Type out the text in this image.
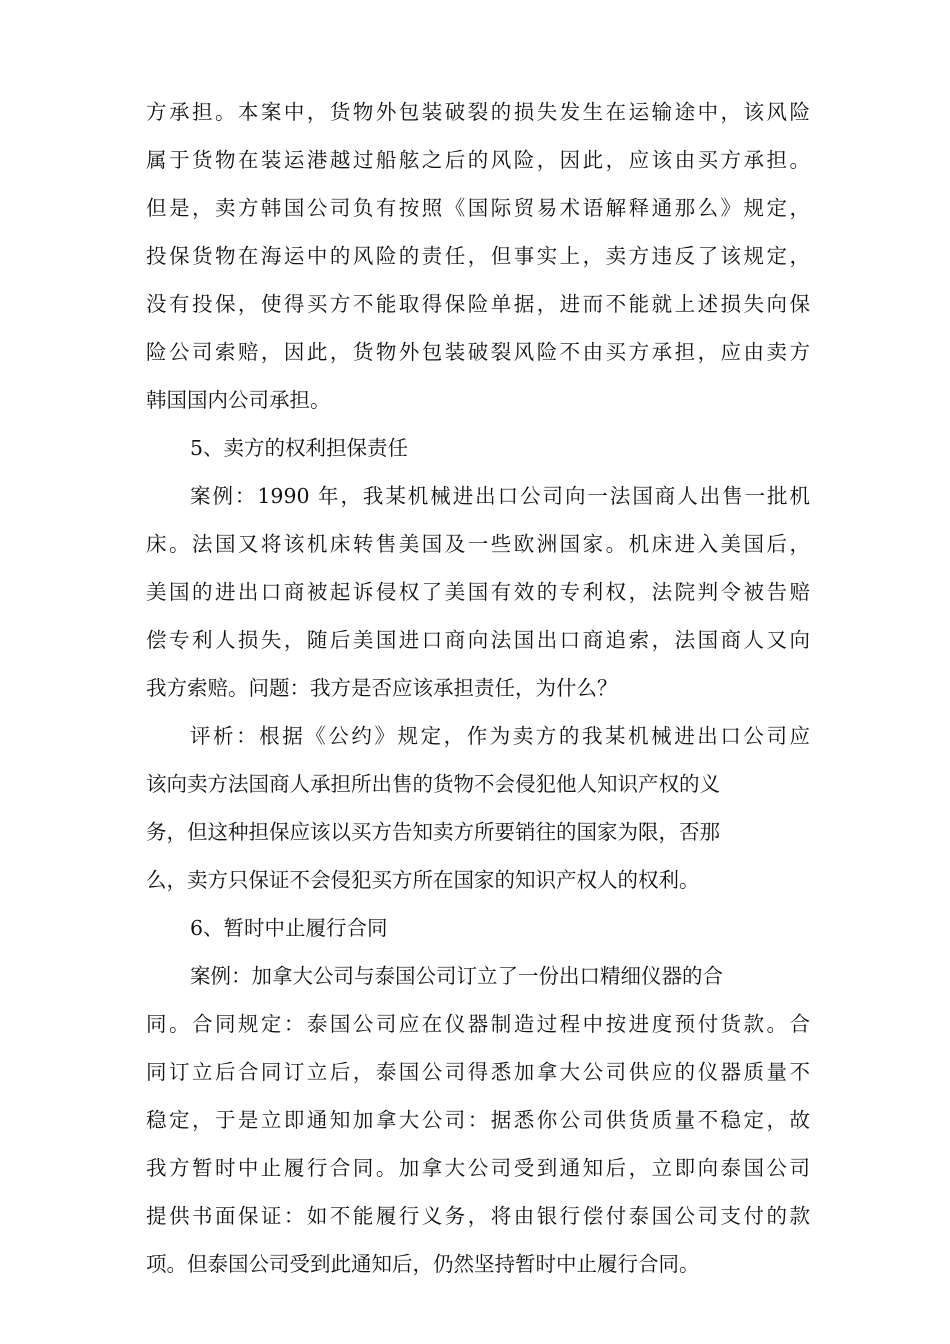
方承担。本案中，货物外包装破裂的损失发生在运输途中，该风险
属于货物在装运港越过船舷之后的风险，因此，应该由买方承担。
但是，卖方韩国公司负有按照《国际贸易术语解释通那么》规定，
投保货物在海运中的风险的责任，但事实上，卖方违反了该规定，
没有投保，使得买方不能取得保险单据，进而不能就上述损失向保
险公司索赔，因此，货物外包装破裂风险不由买方承担，应由卖方
韩国国内公司承担。
5、卖方的权利担保责任
案例：1990 年，我某机械进出口公司向一法国商人出售一批机
床。法国又将该机床转售美国及一些欧洲国家。机床进入美国后，
美国的进出口商被起诉侵权了美国有效的专利权，法院判令被告赔
偿专利人损失，随后美国进口商向法国出口商追索，法国商人又向
我方索赔。问题：我方是否应该承担责任，为什么？
评析：根据《公约》规定，作为卖方的我某机械进出口公司应
该向卖方法国商人承担所出售的货物不会侵犯他人知识产权的义
务，但这种担保应该以买方告知卖方所要销往的国家为限，否那
么，卖方只保证不会侵犯买方所在国家的知识产权人的权利。
6、暂时中止履行合同
案例：加拿大公司与泰国公司订立了一份出口精细仪器的合
同。合同规定：泰国公司应在仪器制造过程中按进度预付货款。合
同订立后合同订立后，泰国公司得悉加拿大公司供应的仪器质量不
稳定，于是立即通知加拿大公司：据悉你公司供货质量不稳定，故
我方暂时中止履行合同。加拿大公司受到通知后，立即向泰国公司
提供书面保证：如不能履行义务，将由银行偿付泰国公司支付的款
项。但泰国公司受到此通知后，仍然坚持暂时中止履行合同。
